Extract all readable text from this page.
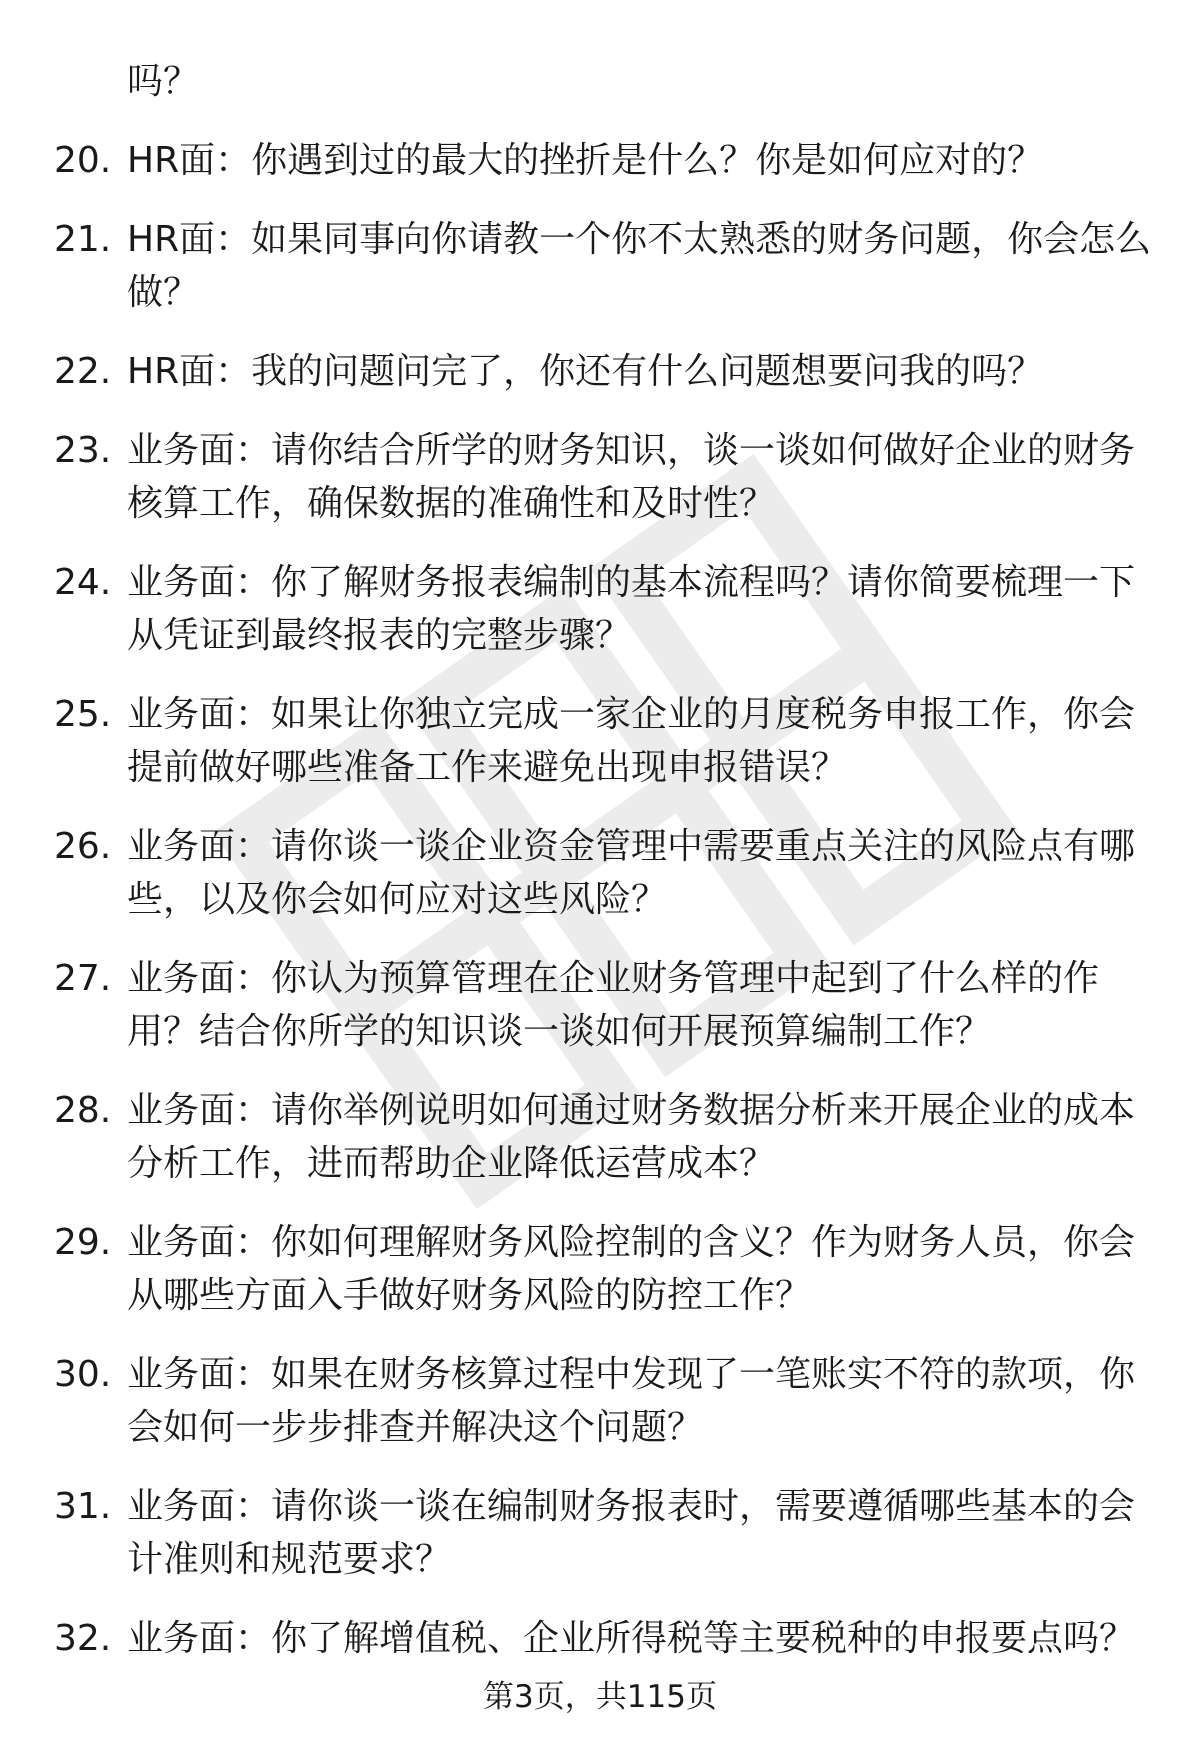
吗？
20. HR面：你遇到过的最大的挫折是什么？你是如何应对的？
21. HR面：如果同事向你请教一个你不太熟悉的财务问题，你会怎么做？
22. HR面：我的问题问完了，你还有什么问题想要问我的吗？
23. 业务面：请你结合所学的财务知识，谈一谈如何做好企业的财务核算工作，确保数据的准确性和及时性？
24. 业务面：你了解财务报表编制的基本流程吗？请你简要梳理一下从凭证到最终报表的完整步骤？
25. 业务面：如果让你独立完成一家企业的月度税务申报工作，你会提前做好哪些准备工作来避免出现申报错误？
26. 业务面：请你谈一谈企业资金管理中需要重点关注的风险点有哪些，以及你会如何应对这些风险？
27. 业务面：你认为预算管理在企业财务管理中起到了什么样的作用？结合你所学的知识谈一谈如何开展预算编制工作？
28. 业务面：请你举例说明如何通过财务数据分析来开展企业的成本分析工作，进而帮助企业降低运营成本？
29. 业务面：你如何理解财务风险控制的含义？作为财务人员，你会从哪些方面入手做好财务风险的防控工作？
30. 业务面：如果在财务核算过程中发现了一笔账实不符的款项，你会如何一步步排查并解决这个问题？
31. 业务面：请你谈一谈在编制财务报表时，需要遵循哪些基本的会计准则和规范要求？
32. 业务面：你了解增值税、企业所得税等主要税种的申报要点吗？
第3页，共115页
